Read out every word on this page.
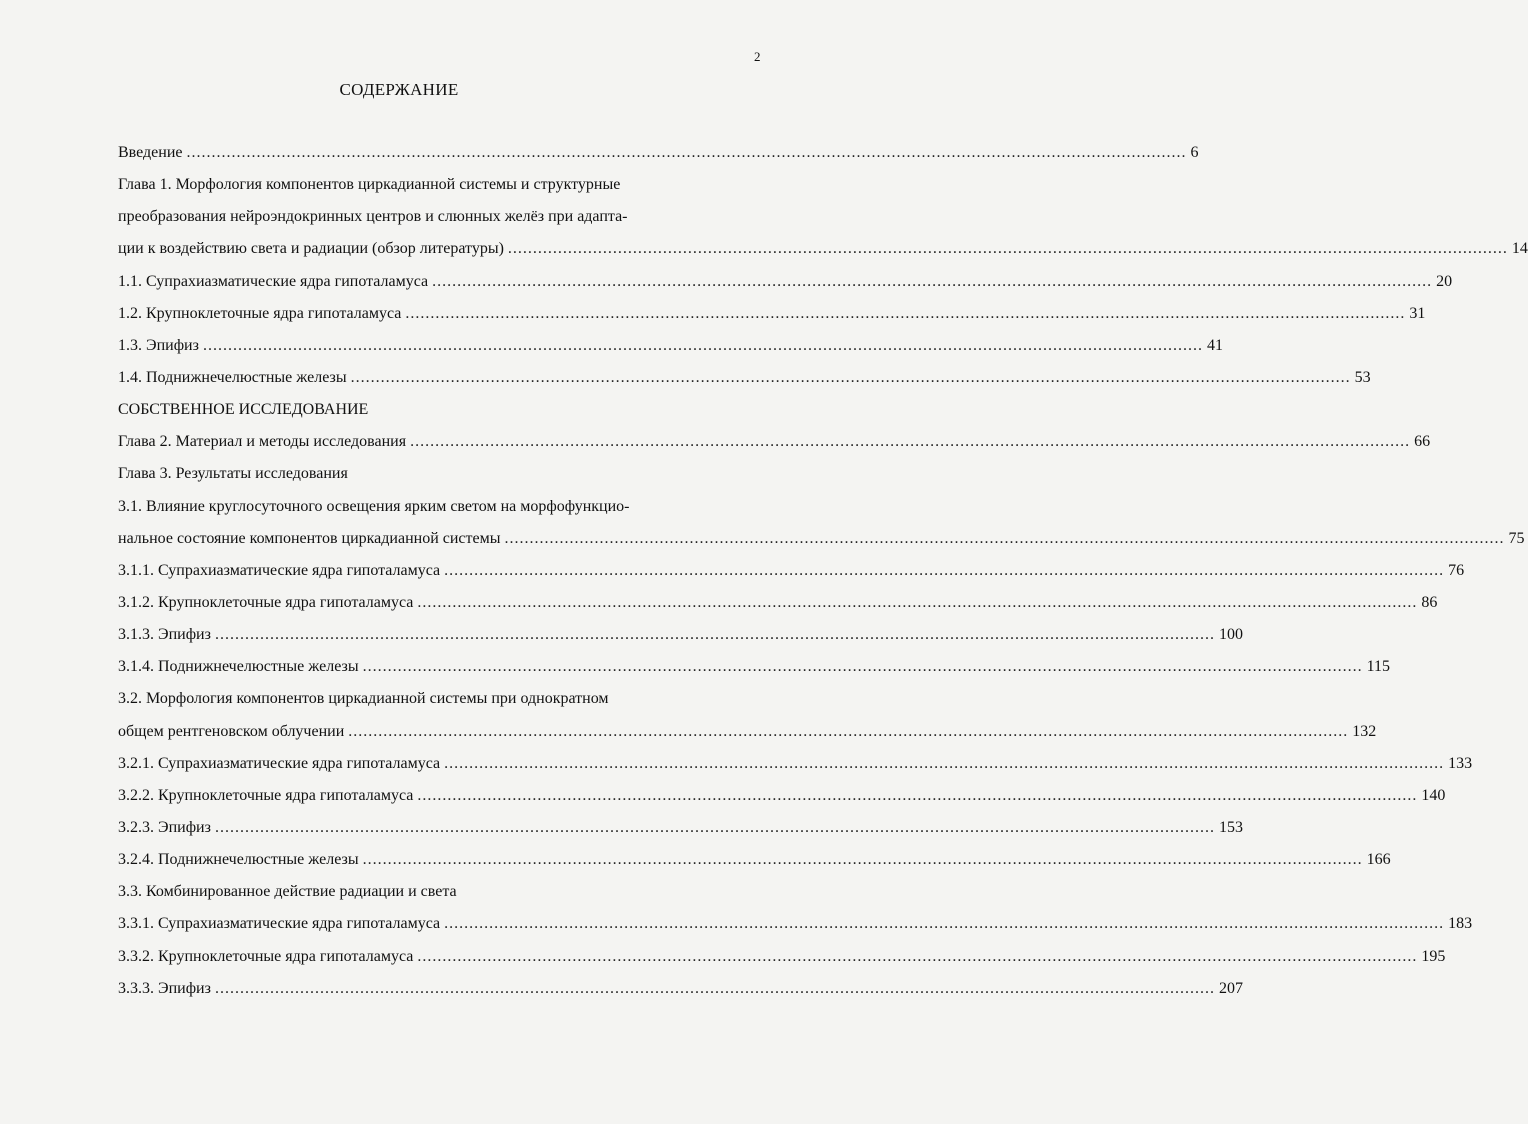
2
СОДЕРЖАНИЕ
Введение ........................................................................................................................................................................................................ 6
Глава 1. Морфология компонентов циркадианной системы и структурные
преобразования нейроэндокринных центров и слюнных желёз при адапта-
ции к воздействию света и радиации (обзор литературы) ........................................................................................................................................................................................................ 14
1.1. Супрахиазматические ядра гипоталамуса ........................................................................................................................................................................................................ 20
1.2. Крупноклеточные ядра гипоталамуса ........................................................................................................................................................................................................ 31
1.3. Эпифиз ........................................................................................................................................................................................................ 41
1.4. Поднижнечелюстные железы ........................................................................................................................................................................................................ 53
СОБСТВЕННОЕ ИССЛЕДОВАНИЕ
Глава 2. Материал и методы исследования ........................................................................................................................................................................................................ 66
Глава 3. Результаты исследования
3.1. Влияние круглосуточного освещения ярким светом на морфофункцио-
нальное состояние компонентов циркадианной системы ........................................................................................................................................................................................................ 75
3.1.1. Супрахиазматические ядра гипоталамуса ........................................................................................................................................................................................................ 76
3.1.2. Крупноклеточные ядра гипоталамуса ........................................................................................................................................................................................................ 86
3.1.3. Эпифиз ........................................................................................................................................................................................................ 100
3.1.4. Поднижнечелюстные железы ........................................................................................................................................................................................................ 115
3.2. Морфология компонентов циркадианной системы при однократном
общем рентгеновском облучении ........................................................................................................................................................................................................ 132
3.2.1. Супрахиазматические ядра гипоталамуса ........................................................................................................................................................................................................ 133
3.2.2. Крупноклеточные ядра гипоталамуса ........................................................................................................................................................................................................ 140
3.2.3. Эпифиз ........................................................................................................................................................................................................ 153
3.2.4. Поднижнечелюстные железы ........................................................................................................................................................................................................ 166
3.3. Комбинированное действие радиации и света
3.3.1. Супрахиазматические ядра гипоталамуса ........................................................................................................................................................................................................ 183
3.3.2. Крупноклеточные ядра гипоталамуса ........................................................................................................................................................................................................ 195
3.3.3. Эпифиз ........................................................................................................................................................................................................ 207
